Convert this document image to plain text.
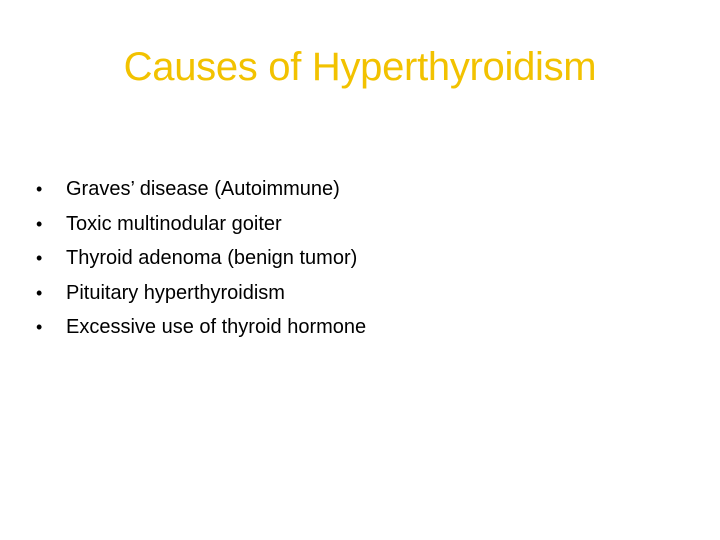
Causes of Hyperthyroidism
• Graves’ disease (Autoimmune)
• Toxic multinodular goiter
• Thyroid adenoma (benign tumor)
• Pituitary hyperthyroidism
• Excessive use of thyroid hormone
